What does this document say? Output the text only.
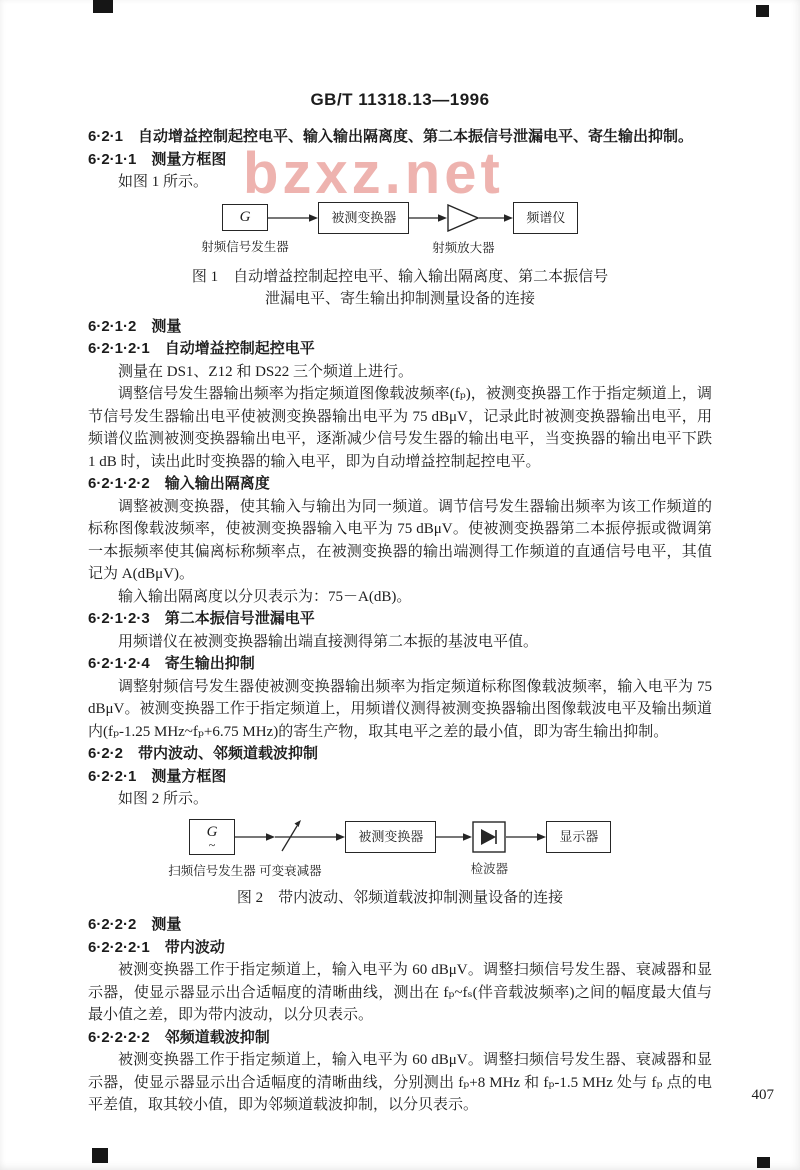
bzxz.net
GB/T 11318.13—1996
6·2·1　自动增益控制起控电平、输入输出隔离度、第二本振信号泄漏电平、寄生输出抑制。
6·2·1·1　测量方框图
如图 1 所示。
G
射频信号发生器
被测变换器
射频放大器
频谱仪
图 1　自动增益控制起控电平、输入输出隔离度、第二本振信号
泄漏电平、寄生输出抑制测量设备的连接
6·2·1·2　测量
6·2·1·2·1　自动增益控制起控电平
测量在 DS1、Z12 和 DS22 三个频道上进行。
调整信号发生器输出频率为指定频道图像载波频率(fₚ)，被测变换器工作于指定频道上，调节信号发生器输出电平使被测变换器输出电平为 75 dBμV，记录此时被测变换器输出电平，用频谱仪监测被测变换器输出电平，逐渐减少信号发生器的输出电平，当变换器的输出电平下跌 1 dB 时，读出此时变换器的输入电平，即为自动增益控制起控电平。
6·2·1·2·2　输入输出隔离度
调整被测变换器，使其输入与输出为同一频道。调节信号发生器输出频率为该工作频道的标称图像载波频率，使被测变换器输入电平为 75 dBμV。使被测变换器第二本振停振或微调第一本振频率使其偏离标称频率点，在被测变换器的输出端测得工作频道的直通信号电平，其值记为 A(dBμV)。
输入输出隔离度以分贝表示为：75－A(dB)。
6·2·1·2·3　第二本振信号泄漏电平
用频谱仪在被测变换器输出端直接测得第二本振的基波电平值。
6·2·1·2·4　寄生输出抑制
调整射频信号发生器使被测变换器输出频率为指定频道标称图像载波频率，输入电平为 75 dBμV。被测变换器工作于指定频道上，用频谱仪测得被测变换器输出图像载波电平及输出频道内(fₚ-1.25 MHz~fₚ+6.75 MHz)的寄生产物，取其电平之差的最小值，即为寄生输出抑制。
6·2·2　带内波动、邻频道载波抑制
6·2·2·1　测量方框图
如图 2 所示。
G
~
扫频信号发生器 可变衰减器
被测变换器
检波器
显示器
图 2　带内波动、邻频道载波抑制测量设备的连接
6·2·2·2　测量
6·2·2·2·1　带内波动
被测变换器工作于指定频道上，输入电平为 60 dBμV。调整扫频信号发生器、衰减器和显示器，使显示器显示出合适幅度的清晰曲线，测出在 fₚ~fₛ(伴音载波频率)之间的幅度最大值与最小值之差，即为带内波动，以分贝表示。
6·2·2·2·2　邻频道载波抑制
被测变换器工作于指定频道上，输入电平为 60 dBμV。调整扫频信号发生器、衰减器和显示器，使显示器显示出合适幅度的清晰曲线，分别测出 fₚ+8 MHz 和 fₚ-1.5 MHz 处与 fₚ 点的电平差值，取其较小值，即为邻频道载波抑制，以分贝表示。
407
